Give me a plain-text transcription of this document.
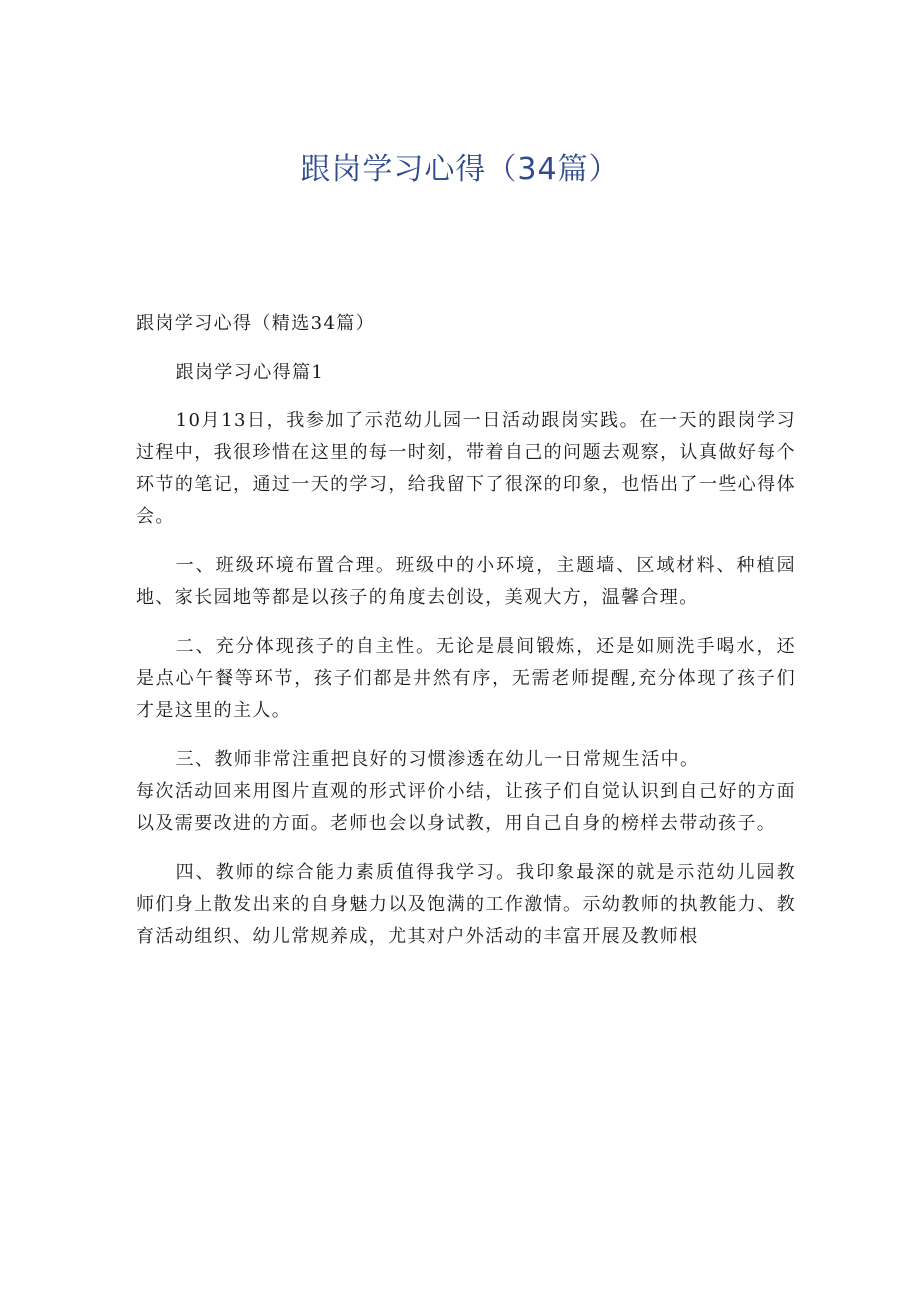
跟岗学习心得（34篇）

跟岗学习心得（精选34篇）

跟岗学习心得篇1

10月13日，我参加了示范幼儿园一日活动跟岗实践。在一天的跟岗学习过程中，我很珍惜在这里的每一时刻，带着自己的问题去观察，认真做好每个环节的笔记，通过一天的学习，给我留下了很深的印象，也悟出了一些心得体会。

一、班级环境布置合理。班级中的小环境，主题墙、区域材料、种植园地、家长园地等都是以孩子的角度去创设，美观大方，温馨合理。

二、充分体现孩子的自主性。无论是晨间锻炼，还是如厕洗手喝水，还是点心午餐等环节，孩子们都是井然有序，无需老师提醒,充分体现了孩子们才是这里的主人。

三、教师非常注重把良好的习惯渗透在幼儿一日常规生活中。

每次活动回来用图片直观的形式评价小结，让孩子们自觉认识到自己好的方面以及需要改进的方面。老师也会以身试教，用自己自身的榜样去带动孩子。

四、教师的综合能力素质值得我学习。我印象最深的就是示范幼儿园教师们身上散发出来的自身魅力以及饱满的工作激情。示幼教师的执教能力、教育活动组织、幼儿常规养成，尤其对户外活动的丰富开展及教师根
